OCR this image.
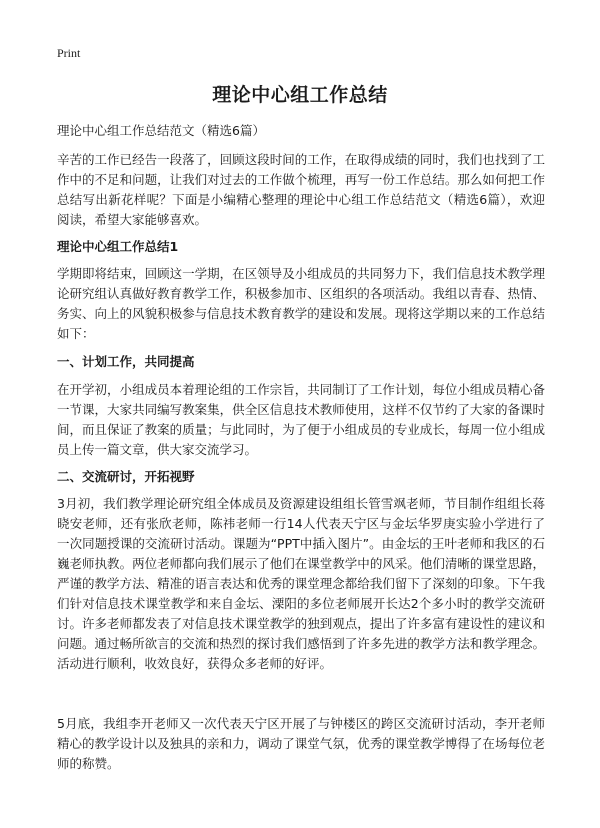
Print
理论中心组工作总结
理论中心组工作总结范文（精选6篇）
辛苦的工作已经告一段落了，回顾这段时间的工作，在取得成绩的同时，我们也找到了工作中的不足和问题，让我们对过去的工作做个梳理，再写一份工作总结。那么如何把工作总结写出新花样呢？下面是小编精心整理的理论中心组工作总结范文（精选6篇），欢迎阅读，希望大家能够喜欢。
理论中心组工作总结1
学期即将结束，回顾这一学期，在区领导及小组成员的共同努力下，我们信息技术教学理论研究组认真做好教育教学工作，积极参加市、区组织的各项活动。我组以青春、热情、务实、向上的风貌积极参与信息技术教育教学的建设和发展。现将这学期以来的工作总结如下：
一、计划工作，共同提高
在开学初，小组成员本着理论组的工作宗旨，共同制订了工作计划，每位小组成员精心备一节课，大家共同编写教案集，供全区信息技术教师使用，这样不仅节约了大家的备课时间，而且保证了教案的质量；与此同时，为了便于小组成员的专业成长，每周一位小组成员上传一篇文章，供大家交流学习。
二、交流研讨，开拓视野
3月初，我们教学理论研究组全体成员及资源建设组组长管雪飒老师，节目制作组组长蒋晓安老师，还有张欣老师，陈祎老师一行14人代表天宁区与金坛华罗庚实验小学进行了一次同题授课的交流研讨活动。课题为“PPT中插入图片”。由金坛的王叶老师和我区的石巍老师执教。两位老师都向我们展示了他们在课堂教学中的风采。他们清晰的课堂思路，严谨的教学方法、精准的语言表达和优秀的课堂理念都给我们留下了深刻的印象。下午我们针对信息技术课堂教学和来自金坛、溧阳的多位老师展开长达2个多小时的教学交流研讨。许多老师都发表了对信息技术课堂教学的独到观点，提出了许多富有建设性的建议和问题。通过畅所欲言的交流和热烈的探讨我们感悟到了许多先进的教学方法和教学理念。活动进行顺利，收效良好，获得众多老师的好评。
5月底，我组李开老师又一次代表天宁区开展了与钟楼区的跨区交流研讨活动，李开老师精心的教学设计以及独具的亲和力，调动了课堂气氛，优秀的课堂教学博得了在场每位老师的称赞。
